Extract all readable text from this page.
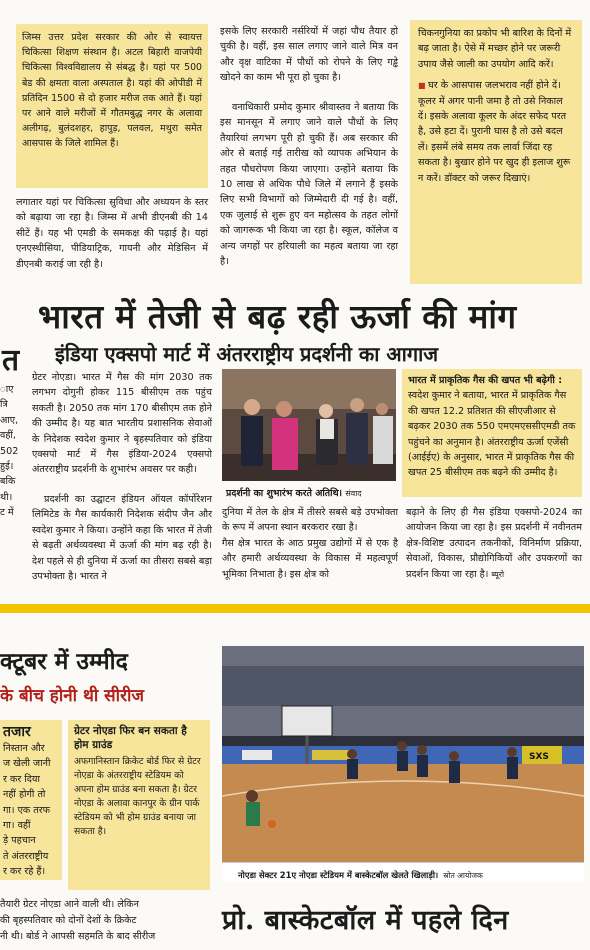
जिम्स उत्तर प्रदेश सरकार की ओर से स्वायत्त चिकित्सा शिक्षण संस्थान है। अटल बिहारी वाजपेयी चिकित्सा विश्वविद्यालय से संबद्ध है। यहां पर 500 बेड की क्षमता वाला अस्पताल है। यहां की ओपीडी में प्रतिदिन 1500 से दो हजार मरीज तक आते हैं। यहां पर आने वाले मरीजों में गौतमबुद्ध नगर के अलावा अलीगढ़, बुलंदशहर, हापुड़, पलवल, मथुरा समेत आसपास के जिले शामिल हैं।

लगातार यहां पर चिकित्सा सुविधा और अध्ययन के स्तर को बढ़ाया जा रहा है। जिम्स में अभी डीएनबी की 14 सीटें हैं। यह भी एमडी के समकक्ष की पढ़ाई है। यहां एनएस्थीसिया, पीडियाट्रिक, गायनी और मेडिसिन में डीएनबी कराई जा रही है।

इसके लिए सरकारी नर्सरियों में जहां पौध तैयार हो चुकी है। वहीं, इस साल लगाए जाने वाले मित्र वन और वृक्ष वाटिका में पौधों को रोपने के लिए गड्ढे खोदने का काम भी पूरा हो चुका है।

वनाधिकारी प्रमोद कुमार श्रीवास्तव ने बताया कि इस मानसून में लगाए जाने वाले पौधों के लिए तैयारियां लगभग पूरी हो चुकी हैं। अब सरकार की ओर से बताई गई तारीख को व्यापक अभियान के तहत पौधरोपण किया जाएगा। उन्होंने बताया कि 10 लाख से अधिक पौधे जिले में लगाने हैं इसके लिए सभी विभागों को जिम्मेदारी दी गई है। वहीं, एक जुलाई से शुरू हुए वन महोत्सव के तहत लोगों को जागरूक भी किया जा रहा है। स्कूल, कॉलेज व अन्य जगहों पर हरियाली का महत्व बताया जा रहा है।

चिकनगुनिया का प्रकोप भी बारिश के दिनों में बढ़ जाता है। ऐसे में मच्छर होने पर जरूरी उपाय जैसे जाली का उपयोग आदि करें।

■ घर के आसपास जलभराव नहीं होने दें। कूलर में अगर पानी जमा है तो उसे निकाल दें। इसके अलावा कूलर के अंदर सफेद परत है, उसे हटा दें। पुरानी घास है तो उसे बदल लें। इसमें लंबे समय तक लार्वा जिंदा रह सकता है। बुखार होने पर खुद ही इलाज शुरू न करें। डॉक्टर को जरूर दिखाएं।

भारत में तेजी से बढ़ रही ऊर्जा की मांग
इंडिया एक्सपो मार्ट में अंतरराष्ट्रीय प्रदर्शनी का आगाज
त
ाए
त्रि
आए,
वहीं,
502
हुई।
बकि
थी।
ट में

ग्रेटर नोएडा। भारत में गैस की मांग 2030 तक लगभग दोगुनी होकर 115 बीसीएम तक पहुंच सकती है। 2050 तक मांग 170 बीसीएम तक होने की उम्मीद है। यह बात भारतीय प्रशासनिक सेवाओं के निदेशक स्वदेश कुमार ने बृहस्पतिवार को इंडिया एक्सपो मार्ट में गैस इंडिया-2024 एक्सपो अंतरराष्ट्रीय प्रदर्शनी के शुभारंभ अवसर पर कही।

प्रदर्शनी का उद्घाटन इंडियन ऑयल कॉर्पोरेशन लिमिटेड के गैस कार्यकारी निदेशक संदीप जैन और स्वदेश कुमार ने किया। उन्होंने कहा कि भारत में तेजी से बढ़ती अर्थव्यवस्था में ऊर्जा की मांग बढ़ रही है। देश पहले से ही दुनिया में ऊर्जा का तीसरा सबसे बड़ा उपभोक्ता है। भारत ने

प्रदर्शनी का शुभारंभ करते अतिथि। संवाद

भारत में प्राकृतिक गैस की खपत भी बढ़ेगी : स्वदेश कुमार ने बताया, भारत में प्राकृतिक गैस की खपत 12.2 प्रतिशत की सीएजीआर से बढ़कर 2030 तक 550 एमएमएससीएमडी तक पहुंचने का अनुमान है। अंतरराष्ट्रीय ऊर्जा एजेंसी (आईईए) के अनुसार, भारत में प्राकृतिक गैस की खपत 25 बीसीएम तक बढ़ने की उम्मीद है।

दुनिया में तेल के क्षेत्र में तीसरे सबसे बड़े उपभोक्ता के रूप में अपना स्थान बरकरार रखा है।
गैस क्षेत्र भारत के आठ प्रमुख उद्योगों में से एक है और हमारी अर्थव्यवस्था के विकास में महत्वपूर्ण भूमिका निभाता है। इस क्षेत्र को

बढ़ाने के लिए ही गैस इंडिया एक्सपो-2024 का आयोजन किया जा रहा है। इस प्रदर्शनी में नवीनतम क्षेत्र-विशिष्ट उत्पादन तकनीकों, विनिर्माण प्रक्रिया, सेवाओं, विकास, प्रौद्योगिकियों और उपकरणों का प्रदर्शन किया जा रहा है। ब्यूरो

क्टूबर में उम्मीद
के बीच होनी थी सीरीज
तजार
निस्तान और
ज खेली जानी
र कर दिया
नहीं होगी तो
गा। एक तरफ
गा। वहीं
ड़े पहचान
ते अंतरराष्ट्रीय
र कर रहे हैं।
ग्रेटर नोएडा फिर बन सकता है होम ग्राउंड

अफगानिस्तान क्रिकेट बोर्ड फिर से ग्रेटर नोएडा के अंतरराष्ट्रीय स्टेडियम को अपना होम ग्राउंड बना सकता है। ग्रेटर नोएडा के अलावा कानपुर के ग्रीन पार्क स्टेडियम को भी होम ग्राउंड बनाया जा सकता है।

तैयारी ग्रेटर नोएडा आने वाली थी। लेकिन

की बृहस्पतिवार को दोनों देशों के क्रिकेट

नी थी। बोर्ड ने आपसी सहमति के बाद सीरीज

SXS
नोएडा सेक्टर 21ए नोएडा स्टेडियम में बास्केटबॉल खेलते खिलाड़ी। स्रोत आयोजक
प्रो. बास्केटबॉल में पहले दिन
